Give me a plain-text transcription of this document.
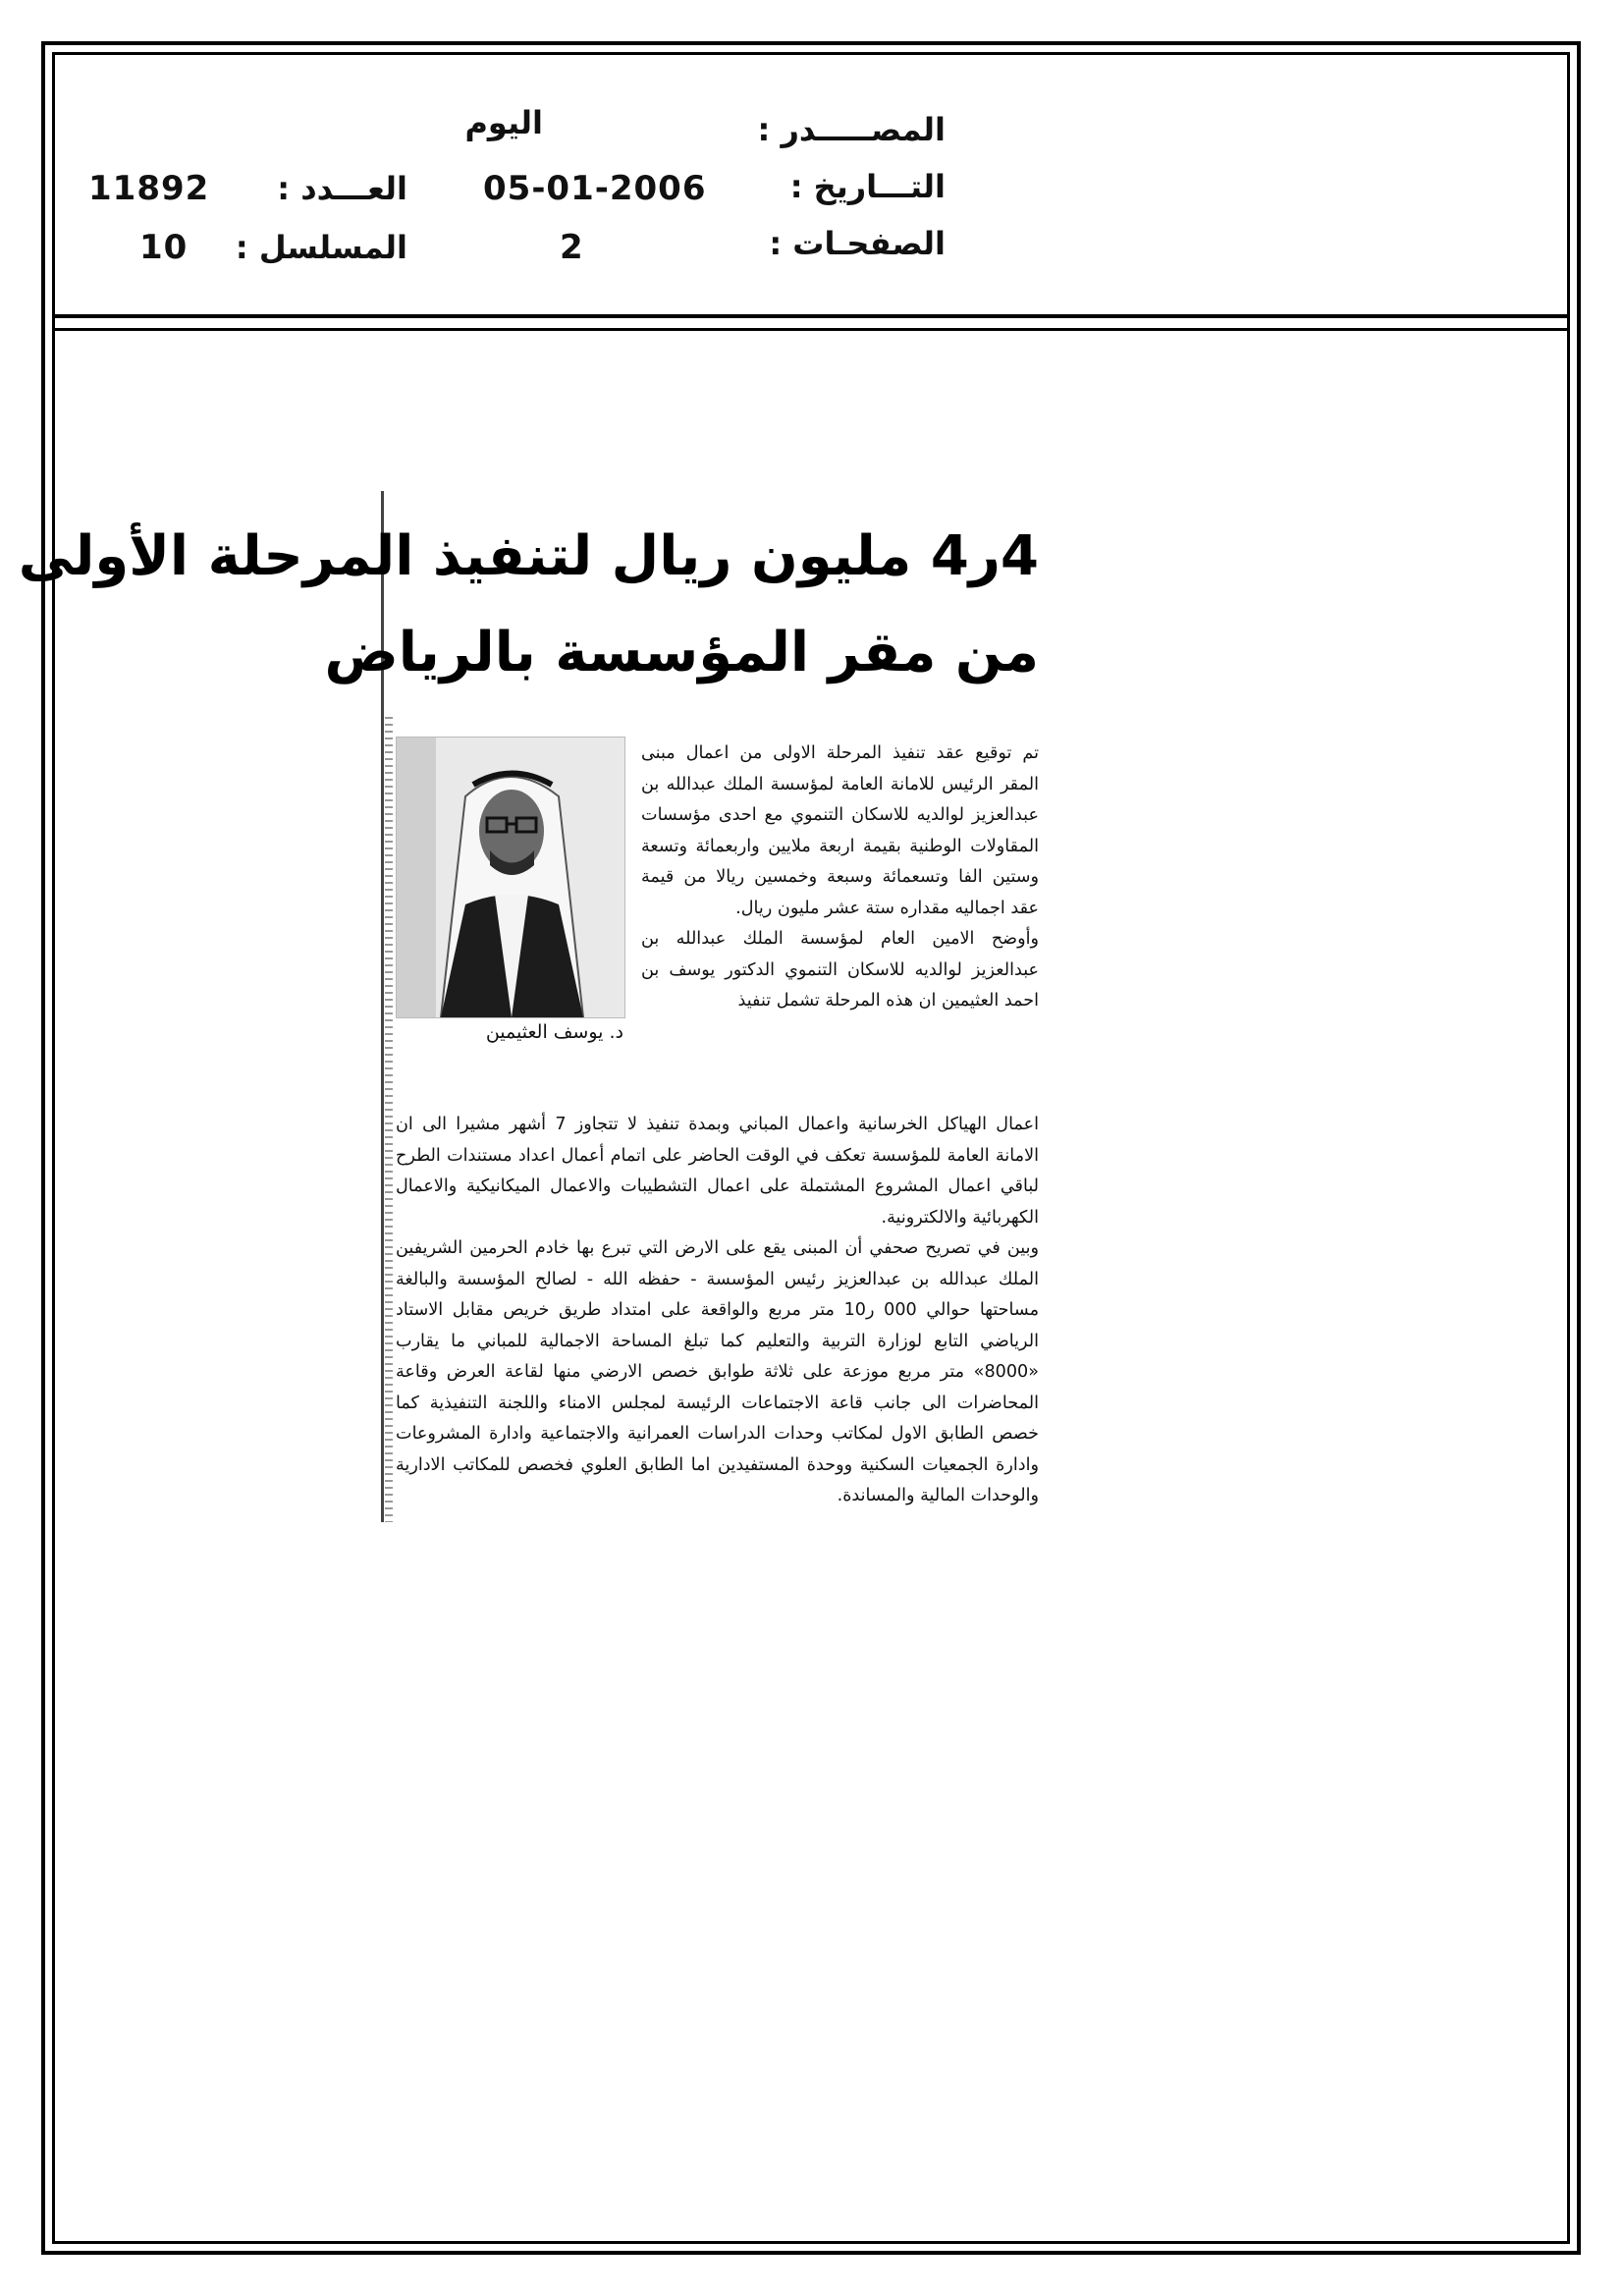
المصـــــدر :
اليوم
التـــاريخ :
05-01-2006
العـــدد :
11892
الصفحـات :
2
المسلسل :
10
4ر4 مليون ريال لتنفيذ المرحلة الأولى
من مقر المؤسسة بالرياض
د. يوسف العثيمين

تم توقيع عقد تنفيذ المرحلة الاولى من اعمال مبنى المقر الرئيس للامانة العامة لمؤسسة الملك عبدالله بن عبدالعزيز لوالديه للاسكان التنموي مع احدى مؤسسات المقاولات الوطنية بقيمة اربعة ملايين واربعمائة وتسعة وستين الفا وتسعمائة وسبعة وخمسين ريالا من قيمة عقد اجماليه مقداره ستة عشر مليون ريال.
وأوضح الامين العام لمؤسسة الملك عبدالله بن عبدالعزيز لوالديه للاسكان التنموي الدكتور يوسف بن احمد العثيمين ان هذه المرحلة تشمل تنفيذ

اعمال الهياكل الخرسانية واعمال المباني وبمدة تنفيذ لا تتجاوز 7 أشهر مشيرا الى ان الامانة العامة للمؤسسة تعكف في الوقت الحاضر على اتمام أعمال اعداد مستندات الطرح لباقي اعمال المشروع المشتملة على اعمال التشطيبات والاعمال الميكانيكية والاعمال الكهربائية والالكترونية.
وبين في تصريح صحفي أن المبنى يقع على الارض التي تبرع بها خادم الحرمين الشريفين الملك عبدالله بن عبدالعزيز رئيس المؤسسة - حفظه الله - لصالح المؤسسة والبالغة مساحتها حوالي 000 ر10 متر مربع والواقعة على امتداد طريق خريص مقابل الاستاد الرياضي التابع لوزارة التربية والتعليم كما تبلغ المساحة الاجمالية للمباني ما يقارب «8000» متر مربع موزعة على ثلاثة طوابق خصص الارضي منها لقاعة العرض وقاعة المحاضرات الى جانب قاعة الاجتماعات الرئيسة لمجلس الامناء واللجنة التنفيذية كما خصص الطابق الاول لمكاتب وحدات الدراسات العمرانية والاجتماعية وادارة المشروعات وادارة الجمعيات السكنية ووحدة المستفيدين اما الطابق العلوي فخصص للمكاتب الادارية والوحدات المالية والمساندة.
